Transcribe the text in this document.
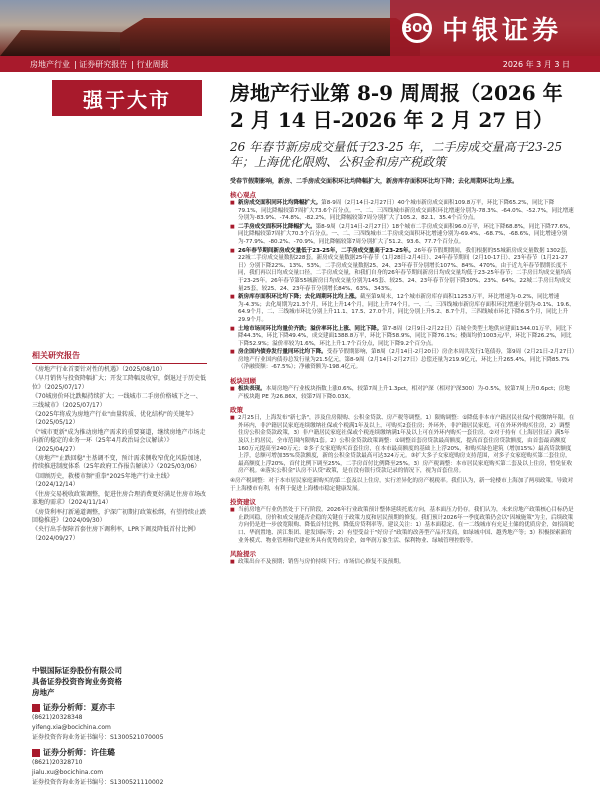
BOC 中银证券
房地产行业 | 证券研究报告 | 行业周报	2026 年 3 月 3 日
强于大市
相关研究报告
《房地产行业首要针对性的机遇》（2025/08/10）
《早月销售与投资降幅扩大；开发工降幅及收窄，倒退过于历史低位》（2025/07/17）
《70城房价环比跌幅持续扩大；一线城市二手房价格城下之一、三线城市》（2025/07/17）
《2025年将成为房地产行业"由量转质、优化结构"的关键年》（2025/05/12）
《"城市更新"成为推动房地产需求的重要赛道，继续房地产市场走向新的稳定的业务一环（25年4月政治局会议解读）》（2025/04/27）
《房地产"止跌回稳"主基调不变，预计需求侧收窄优化风险加速，持续推进制度体系（25年政府工作报告解读）》（2025/03/06）
《回顾历史，救楼市频"重拳"2025年地产行业主线》（2024/12/14）
《住房交易税收政策调整，促进住房合理消费更好满足住房市场改革地的需求》（2024/11/14）
《房贷利率打新通道调整，沪深广初期打政策松绑，有望持续止跌回稳推进》（2024/09/30）
《央行出手保障首套住房下调利率，LPR下调及降低首付比例》（2024/09/27）
中银国际证券股份有限公司
具备证券投资咨询业务资格
房地产
证券分析师：夏亦丰
(8621)20328348
yifeng.xia@bocichina.com
证券投资咨询业务证书编号：S1300521070005
证券分析师：许佳璐
(8621)20328710
jialu.xu@bocichina.com
证券投资咨询业务证书编号：S1300521110002
房地产行业第 8-9 周周报（2026 年 2 月 14 日-2026 年 2 月 27 日）
26 年春节新房成交量低于23-25 年，二手房成交量高于23-25 年；上海优化限购、公积金和房产税政策
受春节假期影响，新房、二手房成交面积环比均降幅扩大，新房库存面积环比均下降；去化周期环比均上涨。
核心观点
■ 新房成交面积同环比均降幅扩大。第8-9周（2月14日-2月27日）40个城市新房成交面积109.8万平，环比下降65.2%，同比下降79.1%，同比降幅较第7周扩大73.6个百分点。一、二、三四线城市新房成交面积环比增速分别为-78.3%、-64.0%、-52.7%，同比增速分别为-83.9%、-74.8%、-82.2%，同比降幅较第7周分别扩大了105.2、82.1、35.4个百分点。
■ 二手房成交面积环比降幅扩大。第8-9周（2月14日-2月27日）18个城市二手房成交面积96.0万平，环比下降68.8%，同比下降77.6%，同比降幅较第7周扩大70.3个百分点。一、二、三四线城市二手房成交面积环比增速分别为-69.4%、-68.7%、-68.6%，同比增速分别为-77.9%、-80.2%、-70.9%，同比降幅较第7周分别扩大了51.2、93.6、77.7个百分点。
■ 26年春节期间新房成交量低于23-25年，二手房成交量高于23-25年。26年春节假期期间，我们根据的55城新房成交量数据 1302套，22城二手房成交量数据228套。新房成交量数据25年春节（1月28日-2月4日）、24年春节期间（2月10-17日）、23年春节（1月21-27日）分别下降22%、13%、53%。二手房成交量数据25、24、23年春节分别增长107%、84%、470%。由于近九年春节假期长度不同，我们再以日均成交量口径，二手房成交量，和我们自身的26年春节期间新房日均成交量均低于23-25年春节；二手房日均成交量均高于23-25年。26年春节第55城新房日均成交量分别为145套、较25、24、23年春节分别下降30%、23%、64%。22城二手房日均成交量25套，较25、24、23年春节分别增长84%、63%、343%。
■ 新房库存面积环比均下降；去化周期环比均上涨。截至第9周末，12个城市新房库存面积11253万平，环比增速为-0.2%，同比增速为-4.3%；去化周期为21.3个月，环比上升14个月，同比上升74个月。一、二、三四线城市新房库存面积环比增速分别为-0.1%、19.6、64.9个月，二、三线城市环比分别上升11.1、17.5、27.0个月，同比分别上升5.2、8.7个月，三四线城市环比下降6.5个月，同比上升29.9个月。
■ 土地市场同环比均量价齐跌；溢价率环比上涨、同比下降。第7-8周（2月9日-2月22日）百城全类型土地供应建面1344.01万平，同比下降44.3%，环比下降49.4%，成交建面1388.8万平，环比下降58.9%，同比下降76.1%；楼面均价1003元/平，环比下降26.2%，同比下降52.9%；溢价率较为1.6%，环比上升1.7个百分点，同比下降9.2个百分点。
■ 房企国内债券发行量同环比均下降。受春节假期影响，第8周（2月14日-2月20日）房企本周共发行1笔债券，第9周（2月21日-2月27日）房地产行业国内债券总发行量为21.5亿元，第8-9周（2月14日-2月27日）总偿还量为219.9亿元，环比上升265.4%，同比下降85.7%（净融资额：-67.5%）；净融资额为-198.4亿元。
板块回顾
■ 板块表现。本周房地产行业板块指数上涨0.6%，较第7周上升1.3pct，相对沪深（相对沪深300）为-0.5%，较第7周上升0.6pct；房地产板块跑 PE 为26.86X，较第7周下降0.03X。
政策
■ 2月25日，上海发布"新七条"，涉及住房限购、公积金贷款、房产税等调整。1）限购调整：①降低非本市户籍居民社保/个税缴纳年限。在外环内，非沪籍居民家庭连续缴纳社保或个税满1年及以上，可购买2套住房；外环外，非沪籍居民家庭，可在外环外购买住房，2）调整住房公积金贷款政策，3）非户籍居民家庭社保或个税连续缴纳满1年及以上可在外环内购买一套住房。②对于持有《上海居住证》满5年及以上的居民，全市范围内限购1套。2）公积金贷款政策调整：①调整首套房贷款最高额度，提高首套住房贷款额度，由首套最高额度160万元提高至240万元；②多子女家庭购买首套住房，在本市最高额度的基础上上浮20%，和购买绿色建筑（增加15%）最高贷款额度上浮，总额可增加35%贷款额度，新的公积金贷款最高可达324万元。③扩大多子女家庭购房支持范围，对多子女家庭购买第二套住房，最高额度上浮20%，首付比例下调至25%，二手房首付比例降至25%。3）房产税调整：本市居民家庭购买第二套及以上住房，暂免征收房产税。④落实公积金"认房不认贷"政策，是在没有银行贷款记录的情况下，视为首套住房。
④房产税调整：对于本市居民家庭新购买的第二套及以上住房，实行差异化的房产税税率。我们认为，新一轮楼市上海加了两项政策。导致对于上海楼市有利，有利于促进上海楼市稳定健康发展。
投资建议
■ 当前房地产行业仍然处于下行阶段，2026年行业政策预计整体延续托底方向，基本面压力仍存。我们认为，未来房地产政策核心目标仍是止跌回稳，房价和成交量能否企稳的关键在于政策力度和居民预期的修复。我们预计2026年一季度政策仍会以"因城施策"为主，后续政策方向仍是进一步放宽限购、降低首付比例、降低房贷利率等。建议关注：1）基本面稳定、在一二线城市有充足土储的优质房企，如招商蛇口、华润置地、滨江集团、建发国际等；2）有望受益于"好房子"政策的改善型产品开发商，如绿城中国、越秀地产等；3）积极探索新的业务模式、物业管理和代建业务具有优势的房企，如华润万象生活、保利物业、绿城管理控股等。
风险提示
■ 政策出台不及预期；销售与房价持续下行；市场信心修复不及预期。
